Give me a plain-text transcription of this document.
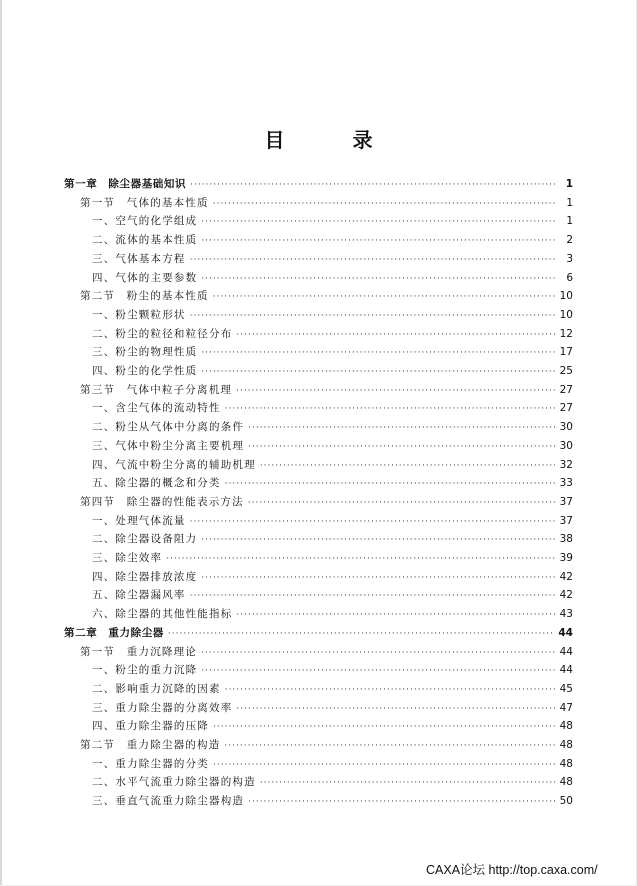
目	录
第一章　除尘器基础知识 ·····	1
第一节　气体的基本性质 ·····	1
一、空气的化学组成 ·····	1
二、流体的基本性质 ·····	2
三、气体基本方程 ·····	3
四、气体的主要参数 ·····	6
第二节　粉尘的基本性质 ·····	10
一、粉尘颗粒形状 ·····	10
二、粉尘的粒径和粒径分布 ·····	12
三、粉尘的物理性质 ·····	17
四、粉尘的化学性质 ·····	25
第三节　气体中粒子分离机理 ·····	27
一、含尘气体的流动特性 ·····	27
二、粉尘从气体中分离的条件 ·····	30
三、气体中粉尘分离主要机理 ·····	30
四、气流中粉尘分离的辅助机理 ·····	32
五、除尘器的概念和分类 ·····	33
第四节　除尘器的性能表示方法 ·····	37
一、处理气体流量 ·····	37
二、除尘器设备阻力 ·····	38
三、除尘效率 ·····	39
四、除尘器排放浓度 ·····	42
五、除尘器漏风率 ·····	42
六、除尘器的其他性能指标 ·····	43
第二章　重力除尘器 ·····	44
第一节　重力沉降理论 ·····	44
一、粉尘的重力沉降 ·····	44
二、影响重力沉降的因素 ·····	45
三、重力除尘器的分离效率 ·····	47
四、重力除尘器的压降 ·····	48
第二节　重力除尘器的构造 ·····	48
一、重力除尘器的分类 ·····	48
二、水平气流重力除尘器的构造 ·····	48
三、垂直气流重力除尘器构造 ·····	50
CAXA论坛 http://top.caxa.com/
